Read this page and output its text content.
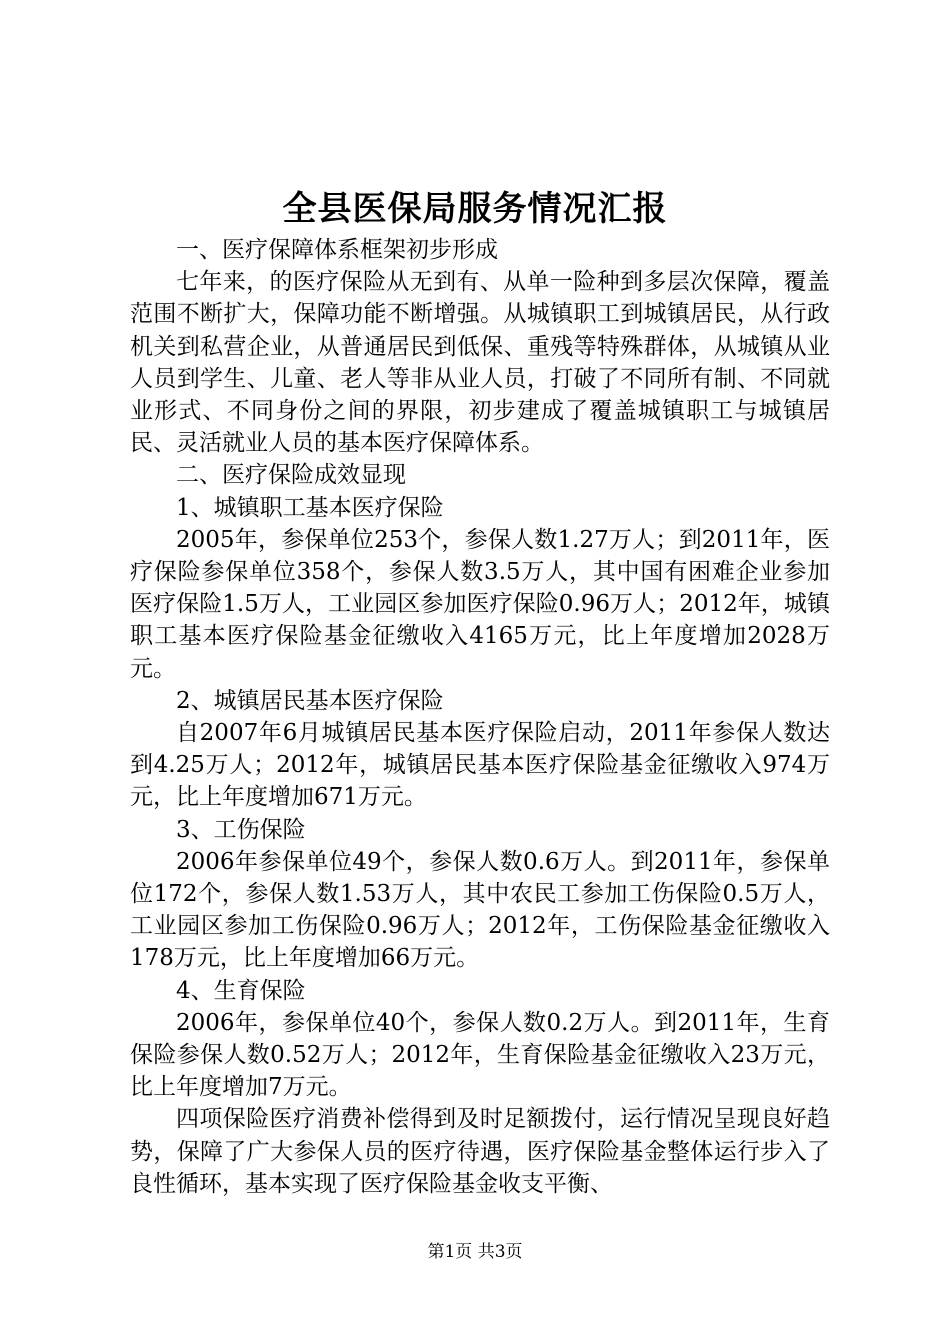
全县医保局服务情况汇报

一、医疗保障体系框架初步形成

七年来，的医疗保险从无到有、从单一险种到多层次保障，覆盖范围不断扩大，保障功能不断增强。从城镇职工到城镇居民，从行政机关到私营企业，从普通居民到低保、重残等特殊群体，从城镇从业人员到学生、儿童、老人等非从业人员，打破了不同所有制、不同就业形式、不同身份之间的界限，初步建成了覆盖城镇职工与城镇居民、灵活就业人员的基本医疗保障体系。

二、医疗保险成效显现

1、城镇职工基本医疗保险

2005年，参保单位253个，参保人数1.27万人；到2011年，医疗保险参保单位358个，参保人数3.5万人，其中国有困难企业参加医疗保险1.5万人，工业园区参加医疗保险0.96万人；2012年，城镇职工基本医疗保险基金征缴收入4165万元，比上年度增加2028万元。

2、城镇居民基本医疗保险

自2007年6月城镇居民基本医疗保险启动，2011年参保人数达到4.25万人；2012年，城镇居民基本医疗保险基金征缴收入974万元，比上年度增加671万元。

3、工伤保险

2006年参保单位49个，参保人数0.6万人。到2011年，参保单位172个，参保人数1.53万人，其中农民工参加工伤保险0.5万人，工业园区参加工伤保险0.96万人；2012年，工伤保险基金征缴收入178万元，比上年度增加66万元。

4、生育保险

2006年，参保单位40个，参保人数0.2万人。到2011年，生育保险参保人数0.52万人；2012年，生育保险基金征缴收入23万元，比上年度增加7万元。

四项保险医疗消费补偿得到及时足额拨付，运行情况呈现良好趋势，保障了广大参保人员的医疗待遇，医疗保险基金整体运行步入了良性循环，基本实现了医疗保险基金收支平衡、

第1页 共3页
